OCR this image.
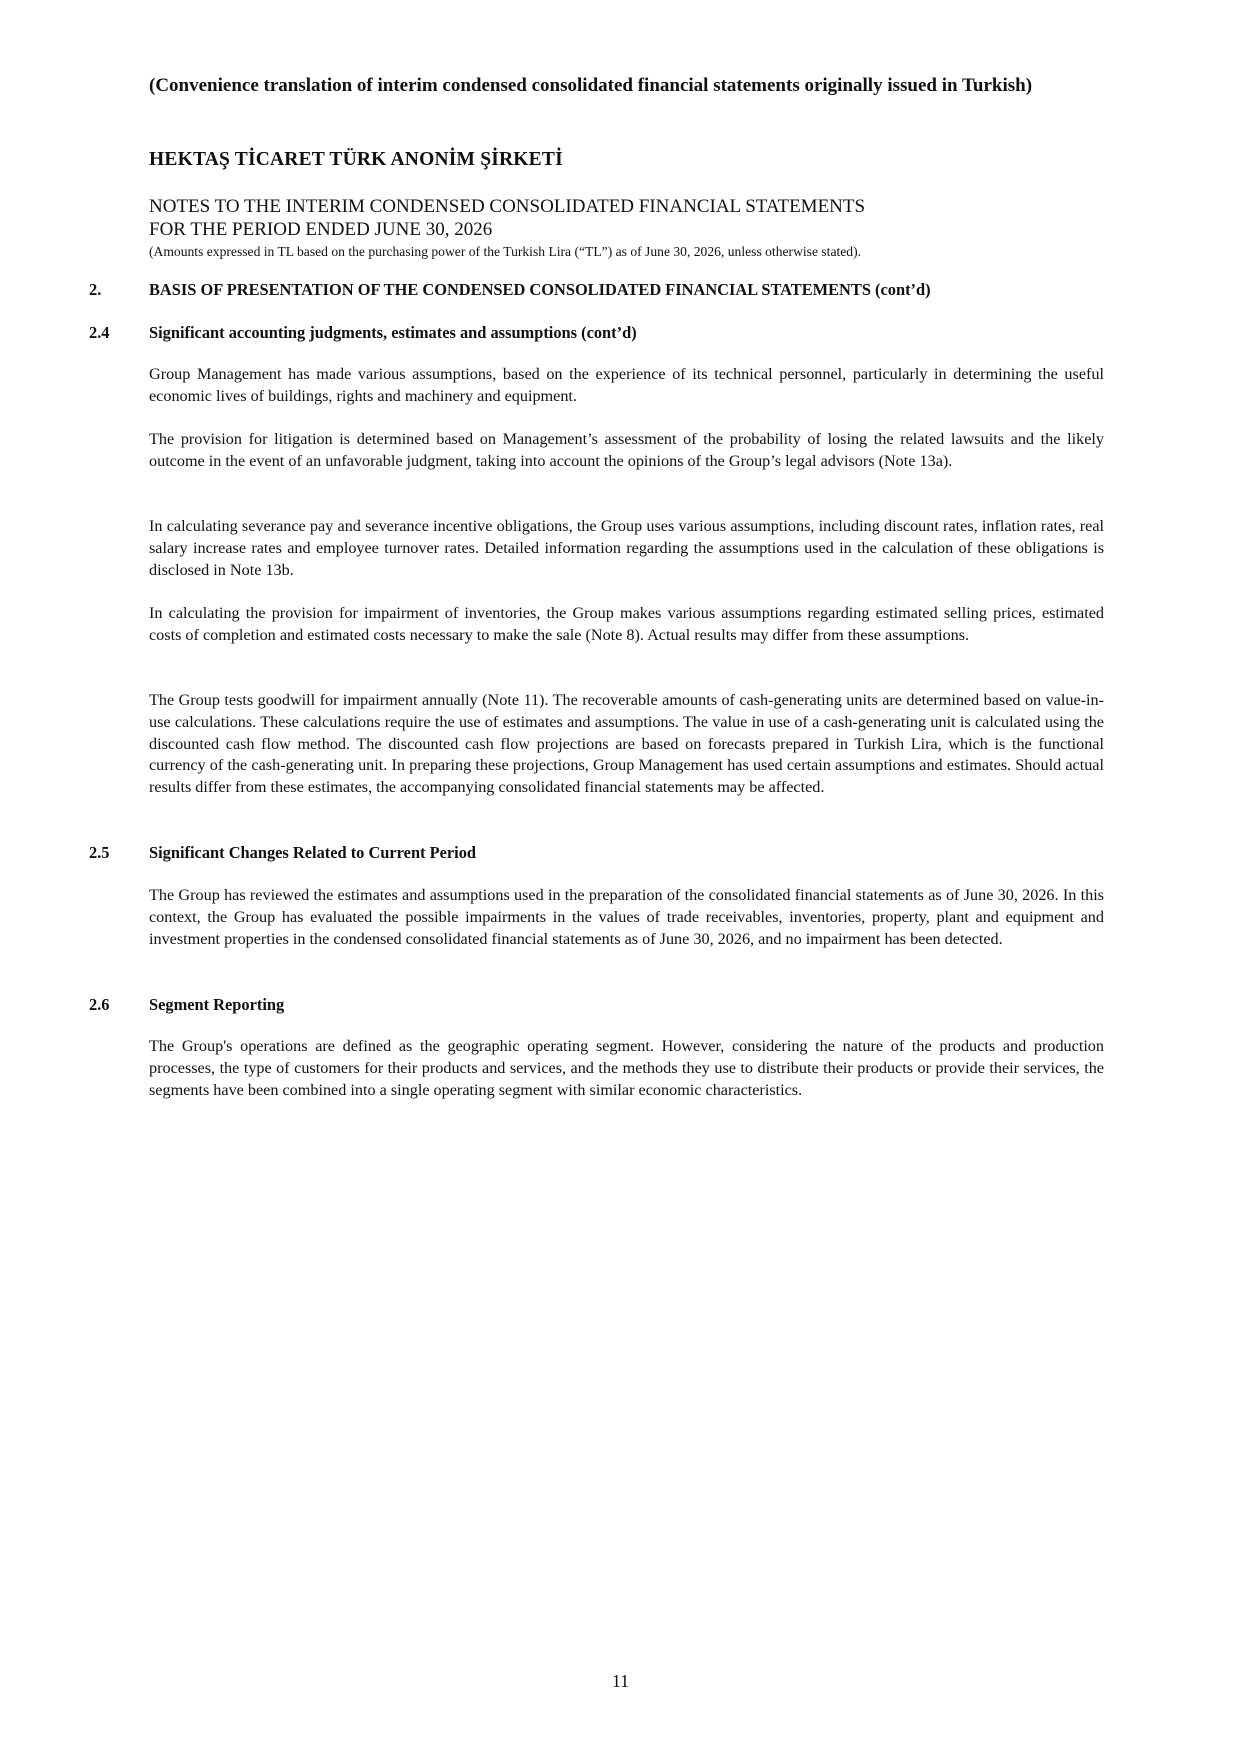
(Convenience translation of interim condensed consolidated financial statements originally issued in Turkish)
HEKTAŞ TİCARET TÜRK ANONİM ŞİRKETİ
NOTES TO THE INTERIM CONDENSED CONSOLIDATED FINANCIAL STATEMENTS
FOR THE PERIOD ENDED JUNE 30, 2026
(Amounts expressed in TL based on the purchasing power of the Turkish Lira (“TL”) as of June 30, 2026, unless otherwise stated).
2.	BASIS OF PRESENTATION OF THE CONDENSED CONSOLIDATED FINANCIAL STATEMENTS (cont’d)
2.4 Significant accounting judgments, estimates and assumptions (cont’d)
Group Management has made various assumptions, based on the experience of its technical personnel, particularly in determining the useful economic lives of buildings, rights and machinery and equipment.
The provision for litigation is determined based on Management’s assessment of the probability of losing the related lawsuits and the likely outcome in the event of an unfavorable judgment, taking into account the opinions of the Group’s legal advisors (Note 13a).
In calculating severance pay and severance incentive obligations, the Group uses various assumptions, including discount rates, inflation rates, real salary increase rates and employee turnover rates. Detailed information regarding the assumptions used in the calculation of these obligations is disclosed in Note 13b.
In calculating the provision for impairment of inventories, the Group makes various assumptions regarding estimated selling prices, estimated costs of completion and estimated costs necessary to make the sale (Note 8). Actual results may differ from these assumptions.
The Group tests goodwill for impairment annually (Note 11). The recoverable amounts of cash-generating units are determined based on value-in-use calculations. These calculations require the use of estimates and assumptions. The value in use of a cash-generating unit is calculated using the discounted cash flow method. The discounted cash flow projections are based on forecasts prepared in Turkish Lira, which is the functional currency of the cash-generating unit. In preparing these projections, Group Management has used certain assumptions and estimates. Should actual results differ from these estimates, the accompanying consolidated financial statements may be affected.
2.5 Significant Changes Related to Current Period
The Group has reviewed the estimates and assumptions used in the preparation of the consolidated financial statements as of June 30, 2026. In this context, the Group has evaluated the possible impairments in the values of trade receivables, inventories, property, plant and equipment and investment properties in the condensed consolidated financial statements as of June 30, 2026, and no impairment has been detected.
2.6 Segment Reporting
The Group's operations are defined as the geographic operating segment. However, considering the nature of the products and production processes, the type of customers for their products and services, and the methods they use to distribute their products or provide their services, the segments have been combined into a single operating segment with similar economic characteristics.
11
